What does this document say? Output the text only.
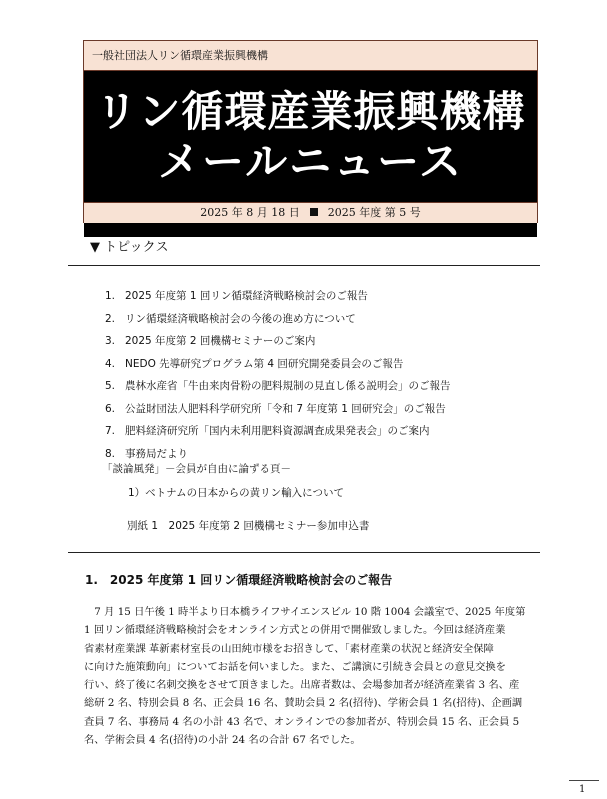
一般社団法人リン循環産業振興機構
リン循環産業振興機構
メールニュース
2025 年 8 月 18 日	2025 年度 第 5 号
▼ トピックス
1. 2025 年度第 1 回リン循環経済戦略検討会のご報告
2. リン循環経済戦略検討会の今後の進め方について
3. 2025 年度第 2 回機構セミナーのご案内
4. NEDO 先導研究プログラム第 4 回研究開発委員会のご報告
5. 農林水産省「牛由来肉骨粉の肥料規制の見直し係る説明会」のご報告
6. 公益財団法人肥料科学研究所「令和 7 年度第 1 回研究会」のご報告
7. 肥料経済研究所「国内未利用肥料資源調査成果発表会」のご案内
8. 事務局だより
「談論風発」－会員が自由に論ずる頁－
1）ベトナムの日本からの黄リン輸入について
別紙 1　2025 年度第 2 回機構セミナー参加申込書
1.　2025 年度第 1 回リン循環経済戦略検討会のご報告
　7 月 15 日午後 1 時半より日本橋ライフサイエンスビル 10 階 1004 会議室で、2025 年度第
1 回リン循環経済戦略検討会をオンライン方式との併用で開催致しました。今回は経済産業
省素材産業課 革新素材室長の山田純市様をお招きして、｢素材産業の状況と経済安全保障
に向けた施策動向」についてお話を伺いました。また、ご講演に引続き会員との意見交換を
行い、終了後に名刺交換をさせて頂きました。出席者数は、会場参加者が経済産業省 3 名、産
総研 2 名、特別会員 8 名、正会員 16 名、賛助会員 2 名(招待)、学術会員 1 名(招待)、企画調
査員 7 名、事務局 4 名の小計 43 名で、オンラインでの参加者が、特別会員 15 名、正会員 5
名、学術会員 4 名(招待)の小計 24 名の合計 67 名でした。
1
